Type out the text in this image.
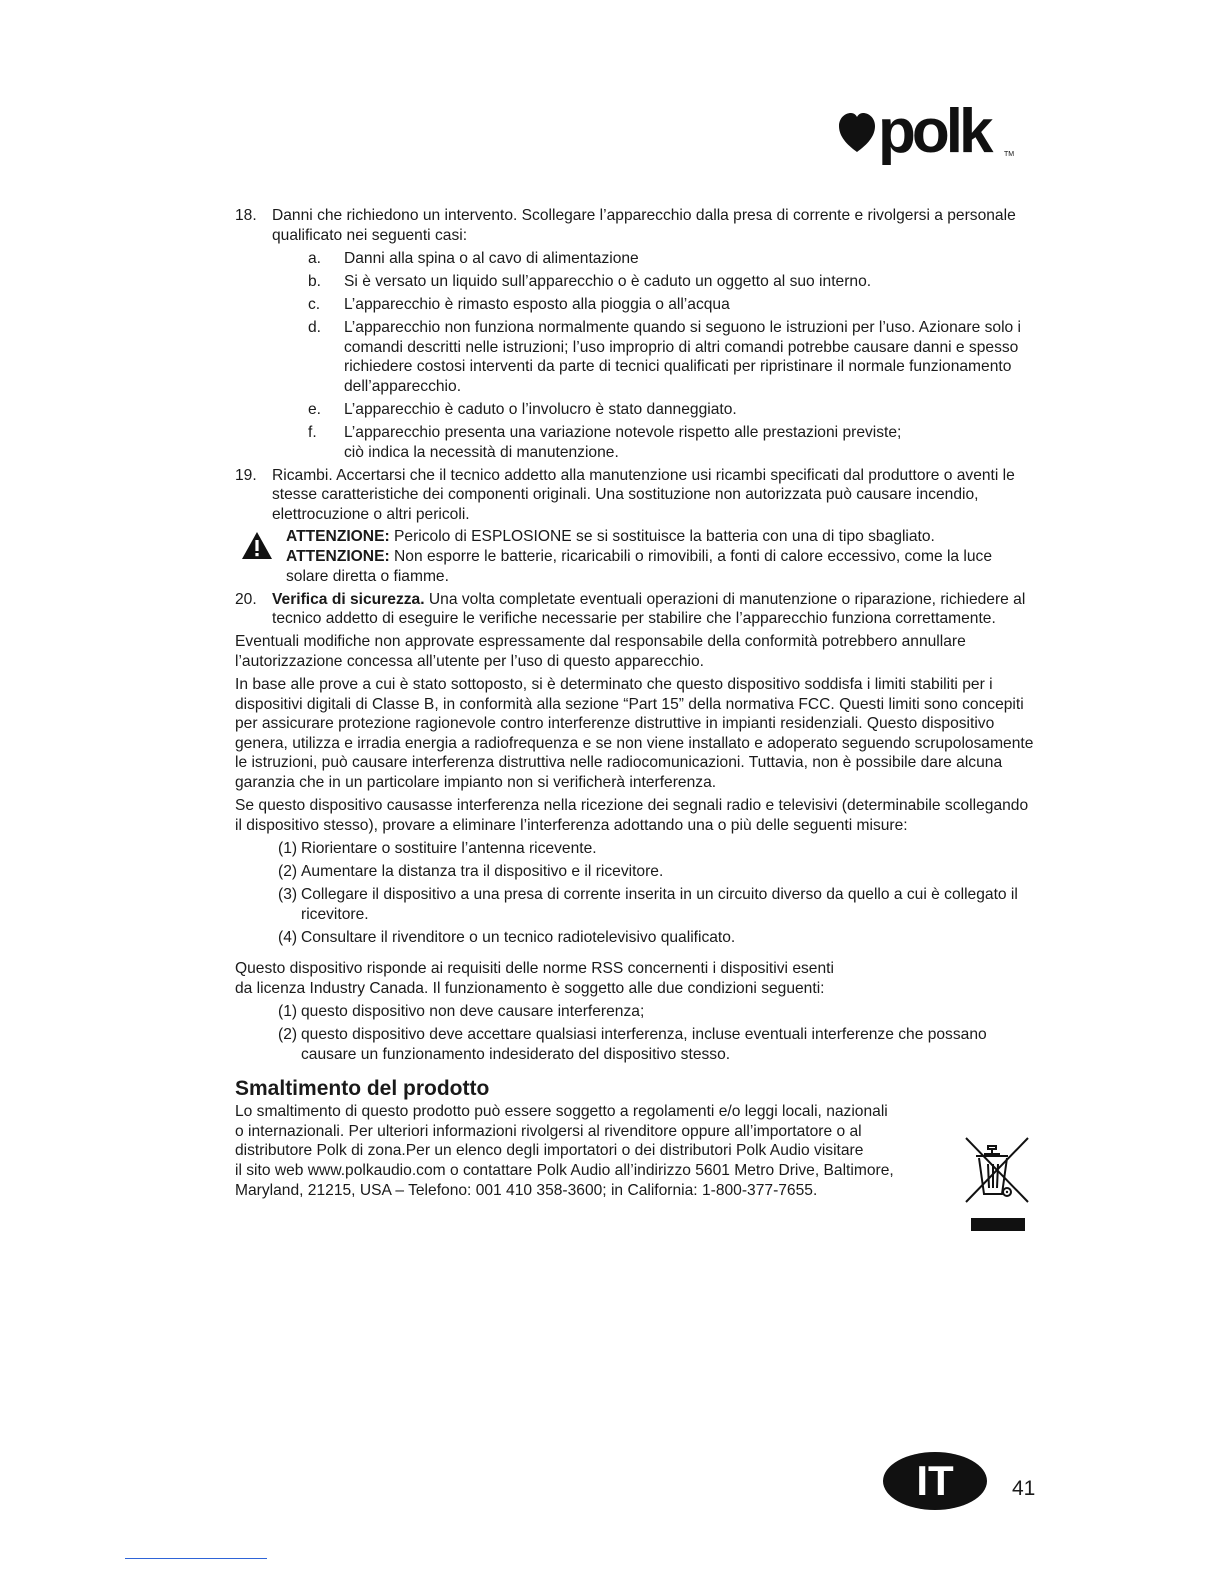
polk	TM
18. Danni che richiedono un intervento. Scollegare l’apparecchio dalla presa di corrente e rivolgersi a personale qualificato nei seguenti casi:
a. Danni alla spina o al cavo di alimentazione
b. Si è versato un liquido sull’apparecchio o è caduto un oggetto al suo interno.
c. L’apparecchio è rimasto esposto alla pioggia o all’acqua
d. L’apparecchio non funziona normalmente quando si seguono le istruzioni per l’uso. Azionare solo i comandi descritti nelle istruzioni; l’uso improprio di altri comandi potrebbe causare danni e spesso richiedere costosi interventi da parte di tecnici qualificati per ripristinare il normale funzionamento dell’apparecchio.
e. L’apparecchio è caduto o l’involucro è stato danneggiato.
f. L’apparecchio presenta una variazione notevole rispetto alle prestazioni previste;
ciò indica la necessità di manutenzione.
19. Ricambi. Accertarsi che il tecnico addetto alla manutenzione usi ricambi specificati dal produttore o aventi le stesse caratteristiche dei componenti originali. Una sostituzione non autorizzata può causare incendio, elettrocuzione o altri pericoli.
ATTENZIONE: Pericolo di ESPLOSIONE se si sostituisce la batteria con una di tipo sbagliato.
ATTENZIONE: Non esporre le batterie, ricaricabili o rimovibili, a fonti di calore eccessivo, come la luce solare diretta o fiamme.
20. Verifica di sicurezza. Una volta completate eventuali operazioni di manutenzione o riparazione, richiedere al tecnico addetto di eseguire le verifiche necessarie per stabilire che l’apparecchio funziona correttamente.
Eventuali modifiche non approvate espressamente dal responsabile della conformità potrebbero annullare l’autorizzazione concessa all’utente per l’uso di questo apparecchio.
In base alle prove a cui è stato sottoposto, si è determinato che questo dispositivo soddisfa i limiti stabiliti per i dispositivi digitali di Classe B, in conformità alla sezione “Part 15” della normativa FCC. Questi limiti sono concepiti per assicurare protezione ragionevole contro interferenze distruttive in impianti residenziali. Questo dispositivo genera, utilizza e irradia energia a radiofrequenza e se non viene installato e adoperato seguendo scrupolosamente le istruzioni, può causare interferenza distruttiva nelle radiocomunicazioni. Tuttavia, non è possibile dare alcuna garanzia che in un particolare impianto non si verificherà interferenza.
Se questo dispositivo causasse interferenza nella ricezione dei segnali radio e televisivi (determinabile scollegando il dispositivo stesso), provare a eliminare l’interferenza adottando una o più delle seguenti misure:
(1) Riorientare o sostituire l’antenna ricevente.
(2) Aumentare la distanza tra il dispositivo e il ricevitore.
(3) Collegare il dispositivo a una presa di corrente inserita in un circuito diverso da quello a cui è collegato il ricevitore.
(4) Consultare il rivenditore o un tecnico radiotelevisivo qualificato.
Questo dispositivo risponde ai requisiti delle norme RSS concernenti i dispositivi esenti
da licenza Industry Canada. Il funzionamento è soggetto alle due condizioni seguenti:
(1) questo dispositivo non deve causare interferenza;
(2) questo dispositivo deve accettare qualsiasi interferenza, incluse eventuali interferenze che possano causare un funzionamento indesiderato del dispositivo stesso.
Smaltimento del prodotto
Lo smaltimento di questo prodotto può essere soggetto a regolamenti e/o leggi locali, nazionali
o internazionali. Per ulteriori informazioni rivolgersi al rivenditore oppure all’importatore o al
distributore Polk di zona.Per un elenco degli importatori o dei distributori Polk Audio visitare
il sito web www.polkaudio.com o contattare Polk Audio all’indirizzo 5601 Metro Drive, Baltimore,
Maryland, 21215, USA – Telefono: 001 410 358-3600; in California: 1-800-377-7655.
IT	41
